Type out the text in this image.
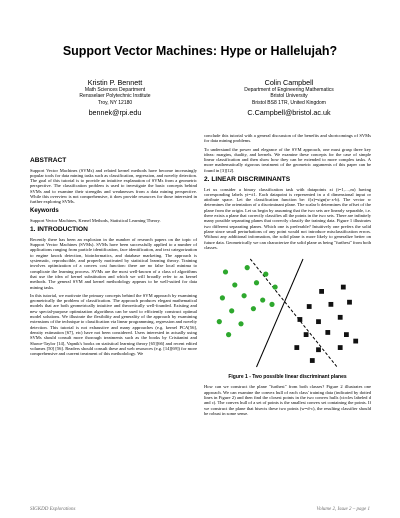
Support Vector Machines: Hype or Hallelujah?
Kristin P. Bennett
Math Sciences Department
Rensselaer Polytechnic Institute
Troy, NY 12180
bennek@rpi.edu
Colin Campbell
Department of Engineering Mathematics
Bristol University
Bristol BS8 1TR, United Kingdom
C.Campbell@bristol.ac.uk
ABSTRACT

Support Vector Machines (SVMs) and related kernel methods have become increasingly popular tools for data mining tasks such as classification, regression, and novelty detection. The goal of this tutorial is to provide an intuitive explanation of SVMs from a geometric perspective. The classification problem is used to investigate the basic concepts behind SVMs and to examine their strengths and weaknesses from a data mining perspective. While this overview is not comprehensive, it does provide resources for those interested in further exploring SVMs.

Keywords

Support Vector Machines, Kernel Methods, Statistical Learning Theory.

1. INTRODUCTION

Recently there has been an explosion in the number of research papers on the topic of Support Vector Machines (SVMs). SVMs have been successfully applied to a number of applications ranging from particle identification, face identification, and text categorization to engine knock detection, bioinformatics, and database marketing. The approach is systematic, reproducible, and properly motivated by statistical learning theory. Training involves optimization of a convex cost function: there are no false local minima to complicate the learning process. SVMs are the most well-known of a class of algorithms that use the idea of kernel substitution and which we will broadly refer to as kernel methods. The general SVM and kernel methodology appears to be well-suited for data mining tasks.

In this tutorial, we motivate the primary concepts behind the SVM approach by examining geometrically the problem of classification. The approach produces elegant mathematical models that are both geometrically intuitive and theoretically well-founded. Existing and new special-purpose optimization algorithms can be used to efficiently construct optimal model solutions. We illustrate the flexibility and generality of the approach by examining extensions of the technique to classification via linear programming, regression and novelty detection. This tutorial is not exhaustive and many approaches (e.g. kernel PCA[56], density estimation [67], etc) have not been considered. Users interested in actually using SVMs should consult more thorough treatments such as the books by Cristianini and Shawe-Taylor [14], Vapnik's books on statistical learning theory [65][66] and recent edited volumes [50] [56]. Readers should consult these and web resources (e.g. [14][69]) for more comprehensive and current treatment of this methodology. We

conclude this tutorial with a general discussion of the benefits and shortcomings of SVMs for data mining problems.

To understand the power and elegance of the SVM approach, one must grasp three key ideas: margins, duality, and kernels. We examine these concepts for the case of simple linear classification and then show how they can be extended to more complex tasks. A more mathematically rigorous treatment of the geometric arguments of this paper can be found in [3][12].

2. LINEAR DISCRIMINANTS

Let us consider a binary classification task with datapoints xi (i=1,…,m) having corresponding labels yi=±1. Each datapoint is represented in a d dimensional input or attribute space. Let the classification function be: f(x)=sign(w·x-b). The vector w determines the orientation of a discriminant plane. The scalar b determines the offset of the plane from the origin. Let us begin by assuming that the two sets are linearly separable, i.e. there exists a plane that correctly classifies all the points in the two sets. There are infinitely many possible separating planes that correctly classify the training data. Figure 1 illustrates two different separating planes. Which one is preferable? Intuitively one prefers the solid plane since small perturbations of any point would not introduce misclassification errors. Without any additional information, the solid plane is more likely to generalize better on future data. Geometrically we can characterize the solid plane as being "furthest" from both classes.

Figure 1 - Two possible linear discriminant planes

How can we construct the plane "furthest" from both classes? Figure 2 illustrates one approach. We can examine the convex hull of each class' training data (indicated by dotted lines in Figure 2) and then find the closest points in the two convex hulls (circles labeled d and c). The convex hull of a set of points is the smallest convex set containing the points. If we construct the plane that bisects these two points (w=d-c), the resulting classifier should be robust in some sense.

SIGKDD Explorations	Volume 2, Issue 2 – page 1
